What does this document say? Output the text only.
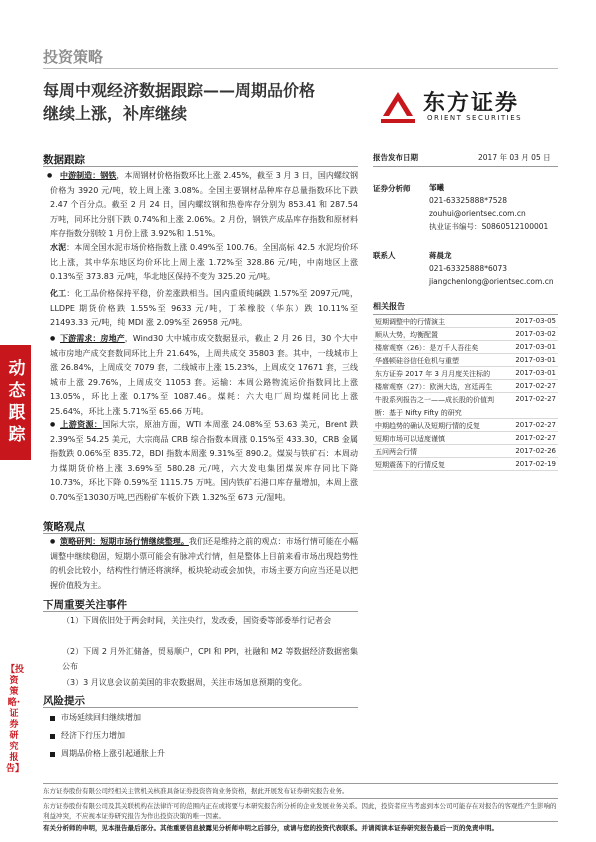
投资策略
每周中观经济数据跟踪——周期品价格
继续上涨，补库继续	东方证券
ORIENT SECURITIES
动态跟踪
【投资策略·证券研究报告】
数据跟踪
● 中游制造：钢铁，本周钢材价格指数环比上涨 2.45%，截至 3 月 3 日，国内螺纹钢价格为 3920 元/吨，较上周上涨 3.08%。全国主要钢材品种库存总量指数环比下跌 2.47 个百分点。截至 2 月 24 日，国内螺纹钢和热卷库存分别为 853.41 和 287.54 万吨，同环比分别下跌 0.74%和上涨 2.06%。2 月份，钢铁产成品库存指数和原材料库存指数分别较 1 月份上涨 3.92%和 1.51%。
水泥：本周全国水泥市场价格指数上涨 0.49%至 100.76。全国高标 42.5 水泥均价环比上涨，其中华东地区均价环比上周上涨 1.72%至 328.86 元/吨，中南地区上涨 0.13%至 373.83 元/吨，华北地区保持不变为 325.20 元/吨。
化工：化工品价格保持平稳，价差涨跌相当。国内重质纯碱跌 1.57%至 2097元/吨，LLDPE 期货价格跌 1.55%至 9633 元/吨，丁苯橡胶（华东）跌 10.11%至 21493.33 元/吨，纯 MDI 涨 2.09%至 26958 元/吨。
下游需求：房地产，Wind30 大中城市成交数据显示，截止 2 月 26 日，30 个大中城市房地产成交套数同环比上升 21.64%，上周共成交 35803 套。其中，一线城市上涨 26.84%，上周成交 7079 套，二线城市上涨 15.23%，上周成交 17671 套，三线城市上涨 29.76%，上周成交 11053 套。运输：本周公路物流运价指数同比上涨 13.05%，环比上涨 0.17%至 1087.46。煤耗：六大电厂周均煤耗同比上涨 25.64%，环比上涨 5.71%至 65.66 万吨。
●
上游资源：国际大宗，原油方面，WTI 本周涨 24.08%至 53.63 美元，Brent 跌 2.39%至 54.25 美元，大宗商品 CRB 综合指数本周涨 0.15%至 433.30，CRB 金属指数跌 0.06%至 835.72，BDI 指数本周涨 9.31%至 890.2。煤炭与铁矿石：本周动力煤期货价格上涨 3.69%至 580.28 元/吨，六大发电集团煤炭库存同比下降 10.73%，环比下降 0.59%至 1115.75 万吨。国内铁矿石港口库存量增加，本周上涨 0.70%至13030万吨,巴西粉矿车板价下跌 1.32%至 673 元/湿吨。
●
策略观点
策略研判：短期市场行情继续整理。我们还是维持之前的观点：市场行情可能在小幅调整中继续稳固，短期小票可能会有脉冲式行情，但是整体上目前来看市场出现趋势性的机会比较小，结构性行情还将演绎，板块轮动或会加快，市场主要方向应当还是以把握价值股为主。
●
下周重要关注事件
（1）下周依旧处于两会时间，关注央行，发改委，国资委等部委举行记者会
（2）下周 2 月外汇储备，贸易顺户，CPI 和 PPI，社融和 M2 等数据经济数据密集公布
（3）3 月议息会议前美国的非农数据周，关注市场加息预期的变化。
风险提示
市场延续回归继续增加
经济下行压力增加
周期品价格上涨引起通胀上升
报告发布日期	2017 年 03 月 05 日
证券分析师 邹曦
021-63325888*7528
zouhui@orientsec.com.cn
执业证书编号：S0860512100001
联系人	蒋晨龙
021-63325888*6073
jiangchenlong@orientsec.com.cn
相关报告
短期调整中的行情演主	2017-03-05
顺从大势，均衡配置	2017-03-02
楼席观察（26）：是万千人吾往矣	2017-03-01
华盛顿硅谷信任危机与重塑	2017-03-01
东方证券 2017 年 3 月月度关注标的	2017-03-01
楼席观察（27）：欧洲大选，宫廷再生	2017-02-27
牛股系列报告之一——成长股的价值判	2017-02-27
断：基于 Nifty Fifty 的研究
中期趋势的确认及短期行情的反复	2017-02-27
短期市场可以适度谨慎	2017-02-27
五问两会行情	2017-02-26
短期震荡下的行情反复	2017-02-19
东方证券股份有限公司经相关主管机关核准具备证券投资咨询业务资格，据此开展发布证券研究报告业务。
东方证券股份有限公司及其关联机构在法律许可的范围内正在或将要与本研究报告所分析的企业发展业务关系。因此，投资者应当考虑到本公司可能存在对报告的客观性产生影响的利益冲突，不应视本证券研究报告为作出投资决策的唯一因素。
有关分析师的申明，见本报告最后部分。其他重要信息披露见分析师申明之后部分，或请与您的投资代表联系。并请阅读本证券研究报告最后一页的免责申明。
